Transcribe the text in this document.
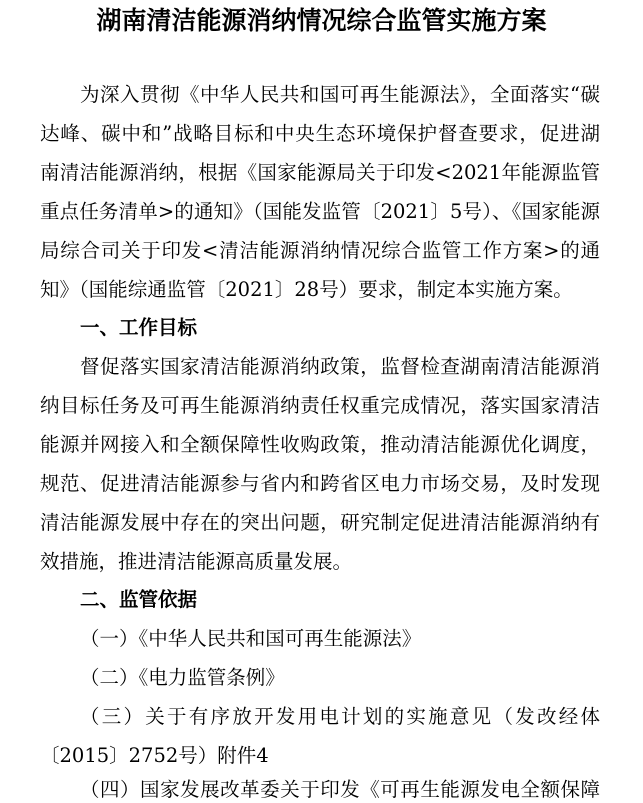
湖南清洁能源消纳情况综合监管实施方案

为深入贯彻《中华人民共和国可再生能源法》，全面落实“碳

达峰、碳中和”战略目标和中央生态环境保护督查要求，促进湖

南清洁能源消纳，根据《国家能源局关于印发<2021年能源监管

重点任务清单>的通知》（国能发监管〔2021〕5号）、《国家能源

局综合司关于印发<清洁能源消纳情况综合监管工作方案>的通

知》（国能综通监管〔2021〕28号）要求，制定本实施方案。

一、工作目标

督促落实国家清洁能源消纳政策，监督检查湖南清洁能源消

纳目标任务及可再生能源消纳责任权重完成情况，落实国家清洁

能源并网接入和全额保障性收购政策，推动清洁能源优化调度，

规范、促进清洁能源参与省内和跨省区电力市场交易，及时发现

清洁能源发展中存在的突出问题，研究制定促进清洁能源消纳有

效措施，推进清洁能源高质量发展。

二、监管依据

（一）《中华人民共和国可再生能源法》

（二）《电力监管条例》

（三）关于有序放开发用电计划的实施意见（发改经体

〔2015〕2752号）附件4

（四）国家发展改革委关于印发《可再生能源发电全额保障
